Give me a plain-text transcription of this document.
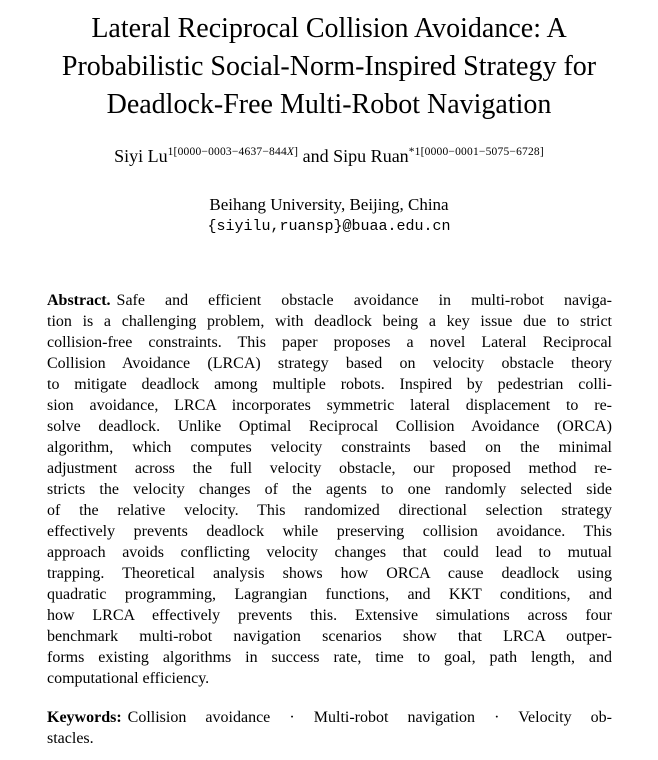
Lateral Reciprocal Collision Avoidance: A
Probabilistic Social-Norm-Inspired Strategy for
Deadlock-Free Multi-Robot Navigation
Siyi $Lu^{1[0000-0003-4637-844X]}$ and Sipu Ruan$^{*1[0000-0001-5075-6728]}$
Beihang University, Beijing, China
{siyilu,ruansp}@buaa.edu.cn
Abstract. Safe and efficient obstacle avoidance in multi-robot naviga-
tion is a challenging problem, with deadlock being a key issue due to strict
collision-free constraints. This paper proposes a novel Lateral Reciprocal
Collision Avoidance (LRCA) strategy based on velocity obstacle theory
to mitigate deadlock among multiple robots. Inspired by pedestrian colli-
sion avoidance, LRCA incorporates symmetric lateral displacement to re-
solve deadlock. Unlike Optimal Reciprocal Collision Avoidance (ORCA)
algorithm, which computes velocity constraints based on the minimal
adjustment across the full velocity obstacle, our proposed method re-
stricts the velocity changes of the agents to one randomly selected side
of the relative velocity. This randomized directional selection strategy
effectively prevents deadlock while preserving collision avoidance. This
approach avoids conflicting velocity changes that could lead to mutual
trapping. Theoretical analysis shows how ORCA cause deadlock using
quadratic programming, Lagrangian functions, and KKT conditions, and
how LRCA effectively prevents this. Extensive simulations across four
benchmark multi-robot navigation scenarios show that LRCA outper-
forms existing algorithms in success rate, time to goal, path length, and
computational efficiency.
Keywords: Collision avoidance · Multi-robot navigation · Velocity ob-
stacles.
